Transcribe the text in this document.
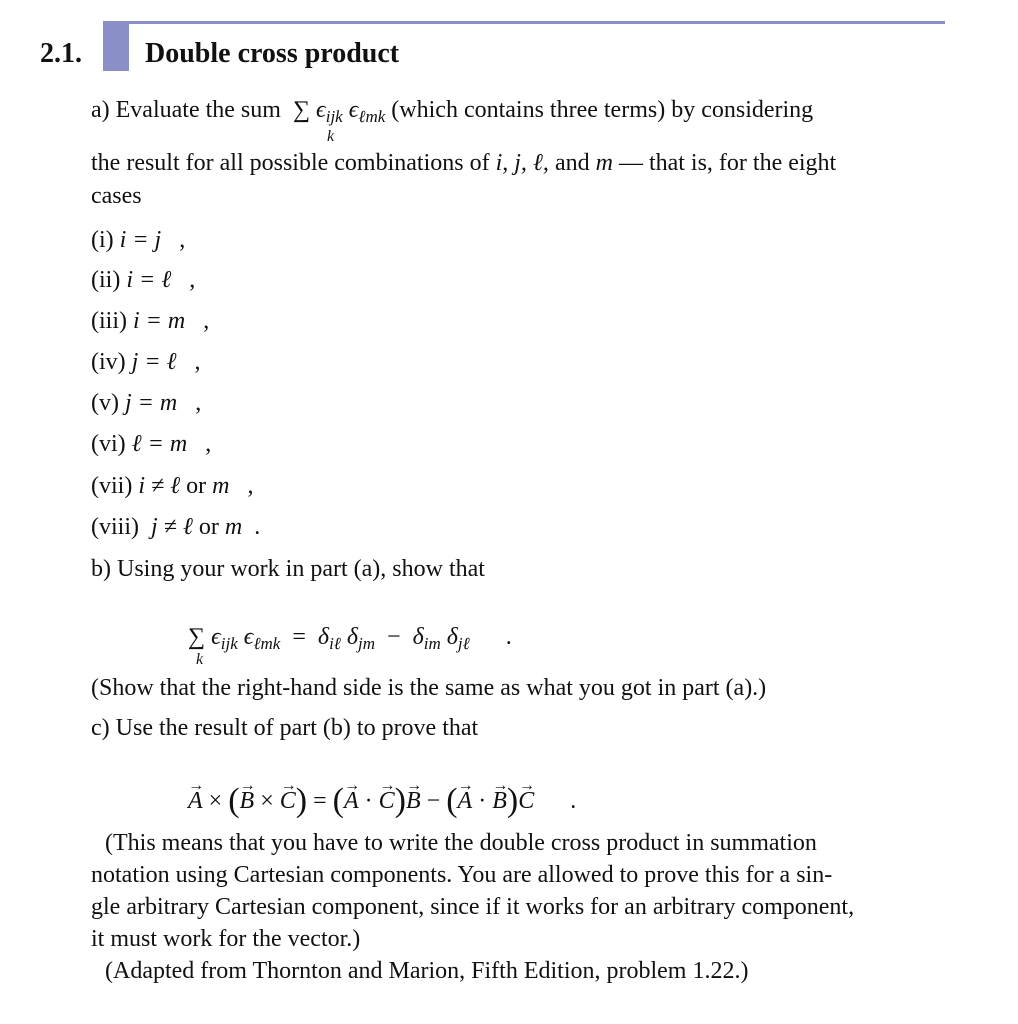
2.1. Double cross product
a) Evaluate the sum ∑ $\epsilon_{ijk}$ $\epsilon_{\ell mk}$ (which contains three terms) by considering
k
the result for all possible combinations of i, j, ℓ, and m — that is, for the eight
cases
(i) i = j ,
(ii) i = ℓ ,
(iii) i = m ,
(iv) j = ℓ ,
(v) j = m ,
(vi) ℓ = m ,
(vii) i ≠ ℓ or m ,
(viii) j ≠ ℓ or m .
b) Using your work in part (a), show that
∑ $\epsilon_{ijk}$ $\epsilon_{\ell mk} = \delta_{i\ell}$ $\delta_{jm} - \delta_{im}$ $\delta_{j\ell}$      .
k
(Show that the right-hand side is the same as what you got in part (a).)
c) Use the result of part (b) to prove that
→ A × (→ B × → C) = (→ A · → C)→ B − (→ A · → B)→ C      .
(This means that you have to write the double cross product in summation
notation using Cartesian components. You are allowed to prove this for a sin-
gle arbitrary Cartesian component, since if it works for an arbitrary component,
it must work for the vector.)
(Adapted from Thornton and Marion, Fifth Edition, problem 1.22.)
